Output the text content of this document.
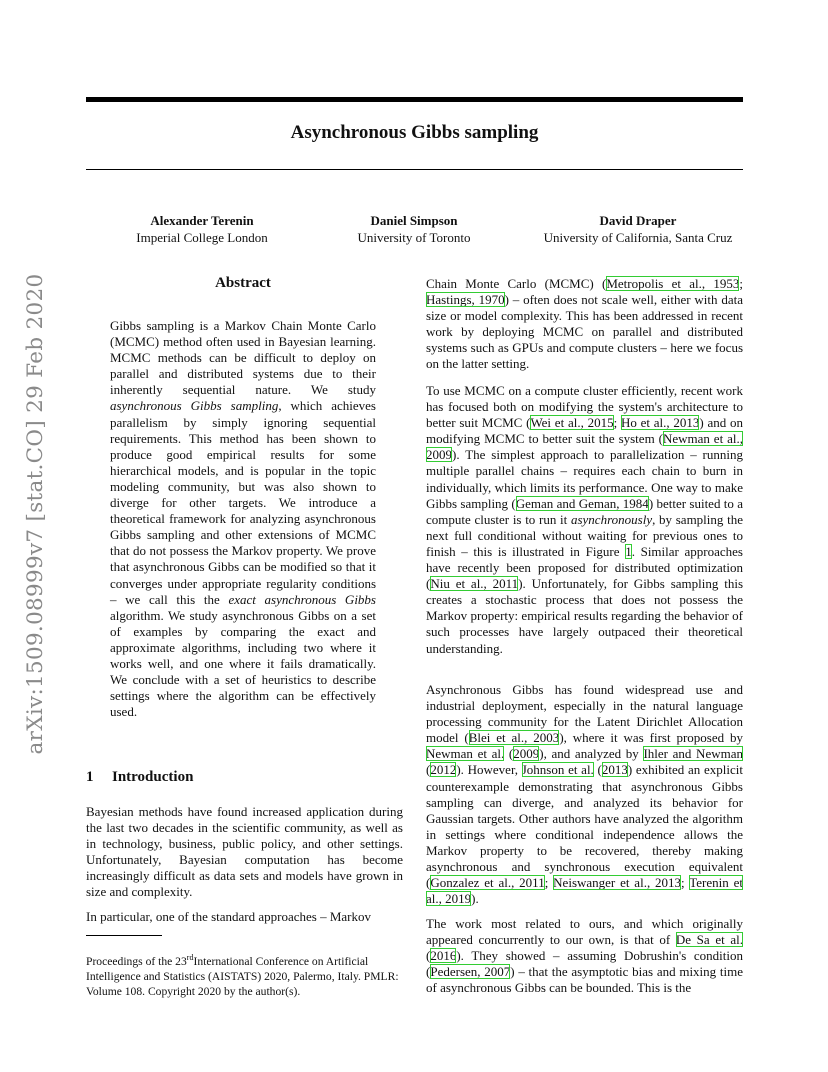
Asynchronous Gibbs sampling
Alexander Terenin
Imperial College London
Daniel Simpson
University of Toronto
David Draper
University of California, Santa Cruz
arXiv:1509.08999v7 [stat.CO] 29 Feb 2020	Abstract
Gibbs sampling is a Markov Chain Monte Carlo (MCMC) method often used in Bayesian learning. MCMC methods can be difficult to deploy on parallel and distributed systems due to their inherently sequential nature. We study asynchronous Gibbs sampling, which achieves parallelism by simply ignoring sequential requirements. This method has been shown to produce good empirical results for some hierarchical models, and is popular in the topic modeling community, but was also shown to diverge for other targets. We introduce a theoretical framework for analyzing asynchronous Gibbs sampling and other extensions of MCMC that do not possess the Markov property. We prove that asynchronous Gibbs can be modified so that it converges under appropriate regularity conditions – we call this the exact asynchronous Gibbs algorithm. We study asynchronous Gibbs on a set of examples by comparing the exact and approximate algorithms, including two where it works well, and one where it fails dramatically. We conclude with a set of heuristics to describe settings where the algorithm can be effectively used.
1 Introduction
Bayesian methods have found increased application during the last two decades in the scientific community, as well as in technology, business, public policy, and other settings. Unfortunately, Bayesian computation has become increasingly difficult as data sets and models have grown in size and complexity.
In particular, one of the standard approaches – Markov
Proceedings of the 23rdInternational Conference on Artificial Intelligence and Statistics (AISTATS) 2020, Palermo, Italy. PMLR: Volume 108. Copyright 2020 by the author(s).
Chain Monte Carlo (MCMC) (Metropolis et al., 1953; Hastings, 1970) – often does not scale well, either with data size or model complexity. This has been addressed in recent work by deploying MCMC on parallel and distributed systems such as GPUs and compute clusters – here we focus on the latter setting.
To use MCMC on a compute cluster efficiently, recent work has focused both on modifying the system's architecture to better suit MCMC (Wei et al., 2015; Ho et al., 2013) and on modifying MCMC to better suit the system (Newman et al., 2009). The simplest approach to parallelization – running multiple parallel chains – requires each chain to burn in individually, which limits its performance. One way to make Gibbs sampling (Geman and Geman, 1984) better suited to a compute cluster is to run it asynchronously, by sampling the next full conditional without waiting for previous ones to finish – this is illustrated in Figure 1. Similar approaches have recently been proposed for distributed optimization (Niu et al., 2011). Unfortunately, for Gibbs sampling this creates a stochastic process that does not possess the Markov property: empirical results regarding the behavior of such processes have largely outpaced their theoretical understanding.
Asynchronous Gibbs has found widespread use and industrial deployment, especially in the natural language processing community for the Latent Dirichlet Allocation model (Blei et al., 2003), where it was first proposed by Newman et al. (2009), and analyzed by Ihler and Newman (2012). However, Johnson et al. (2013) exhibited an explicit counterexample demonstrating that asynchronous Gibbs sampling can diverge, and analyzed its behavior for Gaussian targets. Other authors have analyzed the algorithm in settings where conditional independence allows the Markov property to be recovered, thereby making asynchronous and synchronous execution equivalent (Gonzalez et al., 2011; Neiswanger et al., 2013; Terenin et al., 2019).
The work most related to ours, and which originally appeared concurrently to our own, is that of De Sa et al. (2016). They showed – assuming Dobrushin's condition (Pedersen, 2007) – that the asymptotic bias and mixing time of asynchronous Gibbs can be bounded. This is the
